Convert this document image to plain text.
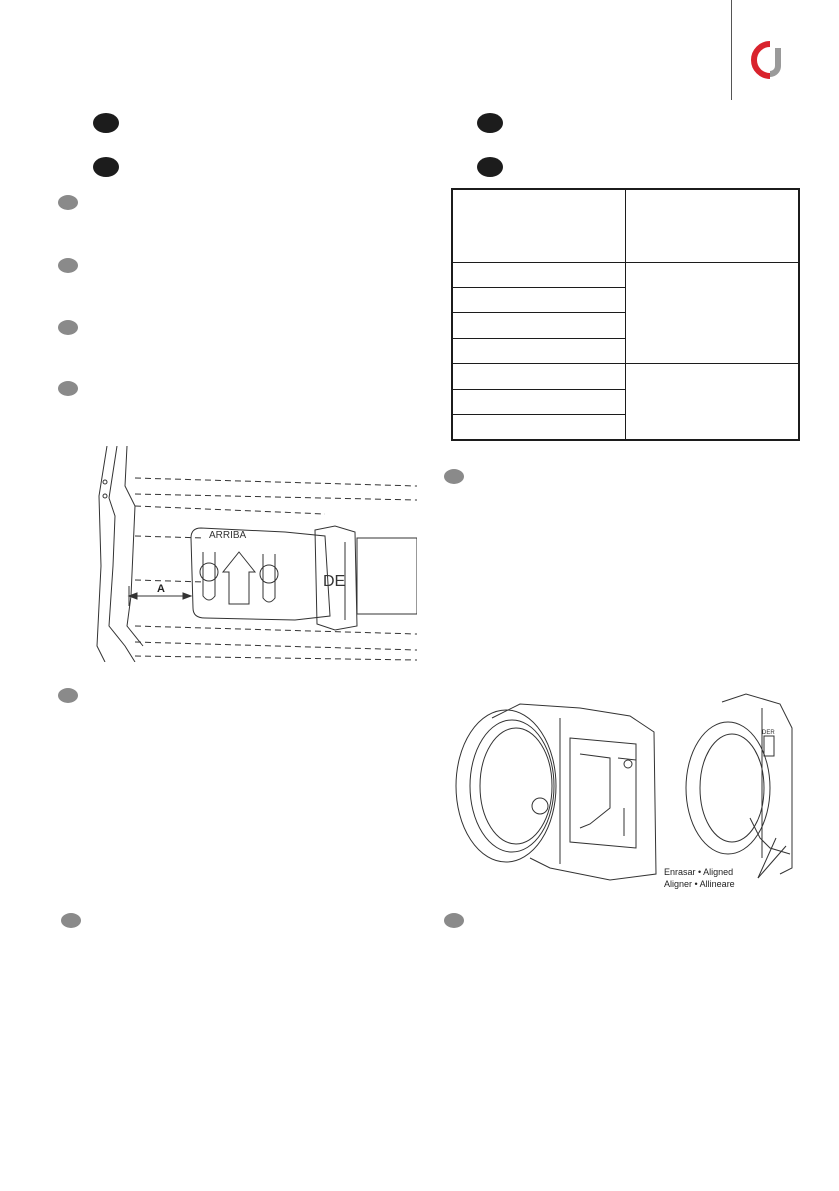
ARRIBA
A	DE
DER
Enrasar • Aligned
Aligner • Allineare
